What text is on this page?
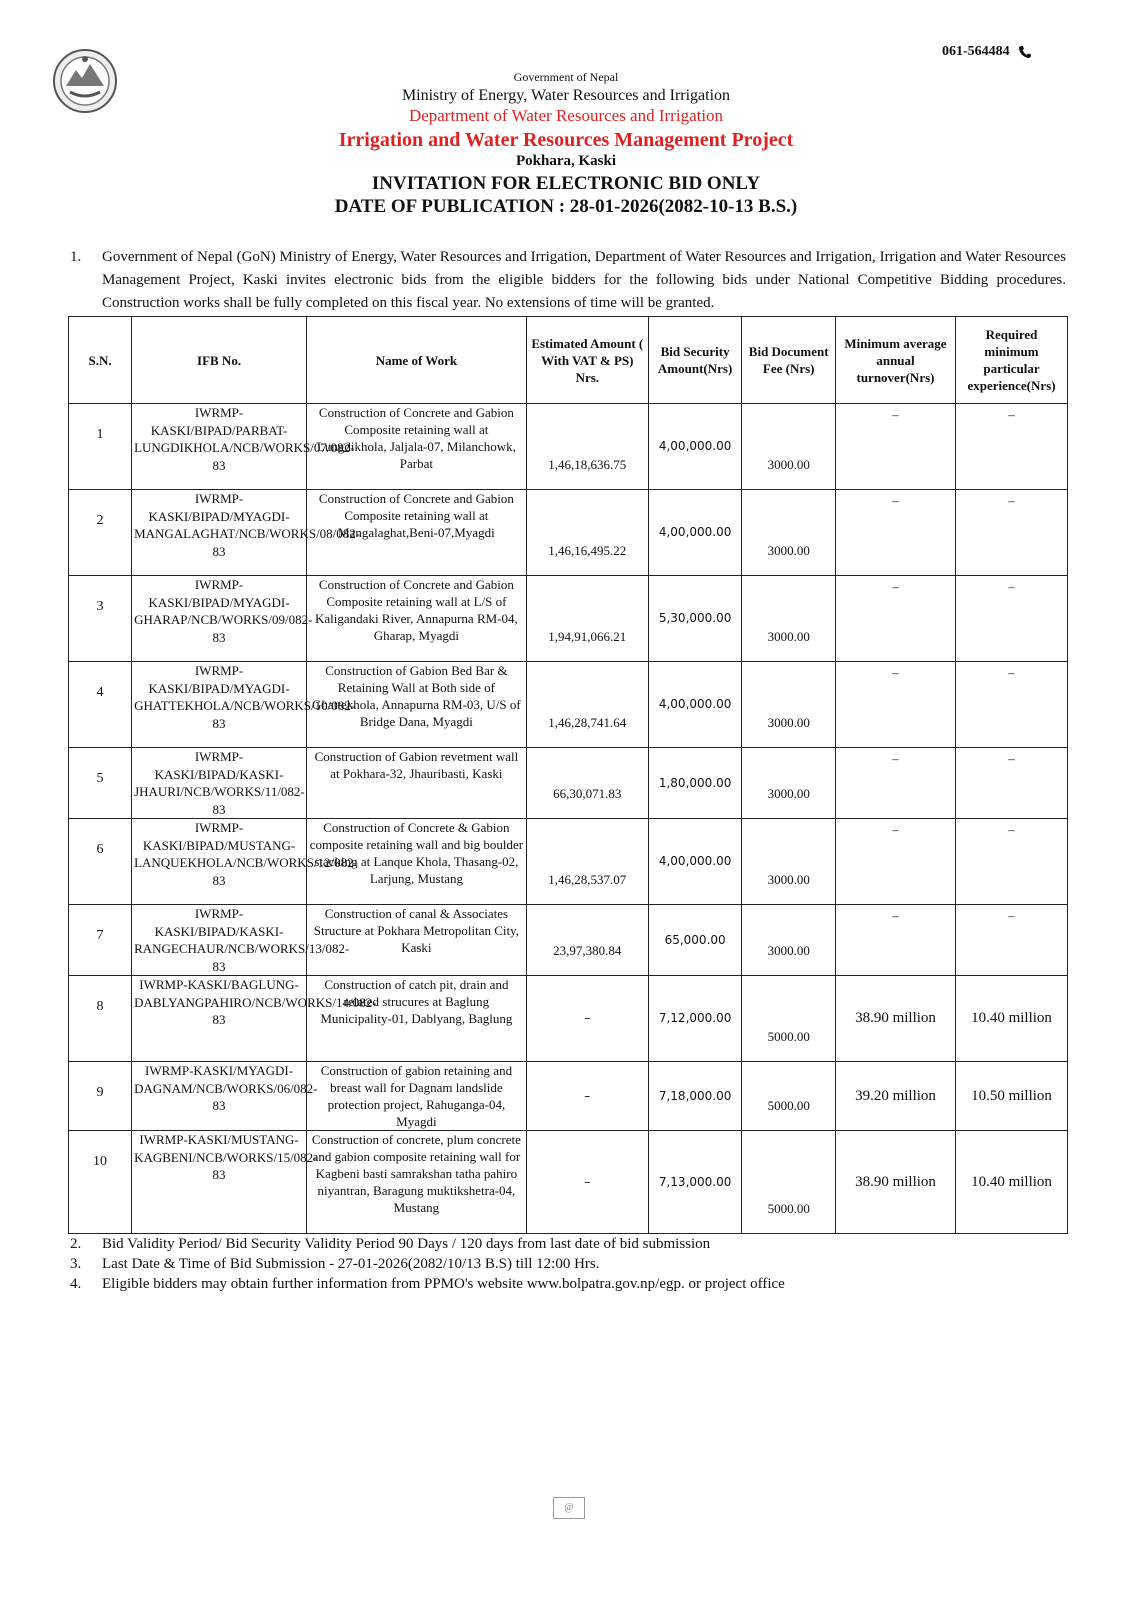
061-564484
Government of Nepal
Ministry of Energy, Water Resources and Irrigation
Department of Water Resources and Irrigation
Irrigation and Water Resources Management Project
Pokhara, Kaski
INVITATION FOR ELECTRONIC BID ONLY
DATE OF PUBLICATION : 28-01-2026(2082-10-13 B.S.)
1. Government of Nepal (GoN) Ministry of Energy, Water Resources and Irrigation, Department of Water Resources and Irrigation, Irrigation and Water Resources Management Project, Kaski invites electronic bids from the eligible bidders for the following bids under National Competitive Bidding procedures. Construction works shall be fully completed on this fiscal year. No extensions of time will be granted.
S.N.	IFB No.	Name of Work	Estimated Amount ( With VAT & PS) Nrs.	Bid Security Amount(Nrs)	Bid Document Fee (Nrs)	Minimum average annual turnover(Nrs)	Required minimum particular experience(Nrs)
1	IWRMP-KASKI/BIPAD/PARBAT-LUNGDIKHOLA/NCB/WORKS/07/082-83	Construction of Concrete and Gabion Composite retaining wall at Lungdikhola, Jaljala-07, Milanchowk, Parbat	1,46,18,636.75	4,00,000.00	3000.00	–	–
2	IWRMP-KASKI/BIPAD/MYAGDI-MANGALAGHAT/NCB/WORKS/08/082-83	Construction of Concrete and Gabion Composite retaining wall at Mangalaghat,Beni-07,Myagdi	1,46,16,495.22	4,00,000.00	3000.00	–	–
3	IWRMP-KASKI/BIPAD/MYAGDI-GHARAP/NCB/WORKS/09/082-83	Construction of Concrete and Gabion Composite retaining wall at L/S of Kaligandaki River, Annapurna RM-04, Gharap, Myagdi	1,94,91,066.21	5,30,000.00	3000.00	–	–
4	IWRMP-KASKI/BIPAD/MYAGDI-GHATTEKHOLA/NCB/WORKS/10/082-83	Construction of Gabion Bed Bar & Retaining Wall at Both side of Ghattekhola, Annapurna RM-03, U/S of Bridge Dana, Myagdi	1,46,28,741.64	4,00,000.00	3000.00	–	–
5	IWRMP-KASKI/BIPAD/KASKI-JHAURI/NCB/WORKS/11/082-83	Construction of Gabion revetment wall at Pokhara-32, Jhauribasti, Kaski	66,30,071.83	1,80,000.00	3000.00	–	–
6	IWRMP-KASKI/BIPAD/MUSTANG-LANQUEKHOLA/NCB/WORKS/12/082-83	Construction of Concrete & Gabion composite retaining wall and big boulder stacking at Lanque Khola, Thasang-02, Larjung, Mustang	1,46,28,537.07	4,00,000.00	3000.00	–	–
7	IWRMP-KASKI/BIPAD/KASKI-RANGECHAUR/NCB/WORKS/13/082-83	Construction of canal & Associates Structure at Pokhara Metropolitan City, Kaski	23,97,380.84	65,000.00	3000.00	–	–
8	IWRMP-KASKI/BAGLUNG-DABLYANGPAHIRO/NCB/WORKS/14/082-83	Construction of catch pit, drain and related strucures at Baglung Municipality-01, Dablyang, Baglung	–	7,12,000.00	5000.00	38.90 million	10.40 million
9	IWRMP-KASKI/MYAGDI-DAGNAM/NCB/WORKS/06/082-83	Construction of gabion retaining and breast wall for Dagnam landslide protection project, Rahuganga-04, Myagdi	–	7,18,000.00	5000.00	39.20 million	10.50 million
10	IWRMP-KASKI/MUSTANG-KAGBENI/NCB/WORKS/15/082-83	Construction of concrete, plum concrete and gabion composite retaining wall for Kagbeni basti samrakshan tatha pahiro niyantran, Baragung muktikshetra-04, Mustang	–	7,13,000.00	5000.00	38.90 million	10.40 million
2.	Bid Validity Period/ Bid Security Validity Period 90 Days / 120 days from last date of bid submission
3.	Last Date & Time of Bid Submission - 27-01-2026(2082/10/13 B.S) till 12:00 Hrs.
4.	Eligible bidders may obtain further information from PPMO's website www.bolpatra.gov.np/egp. or project office
@
